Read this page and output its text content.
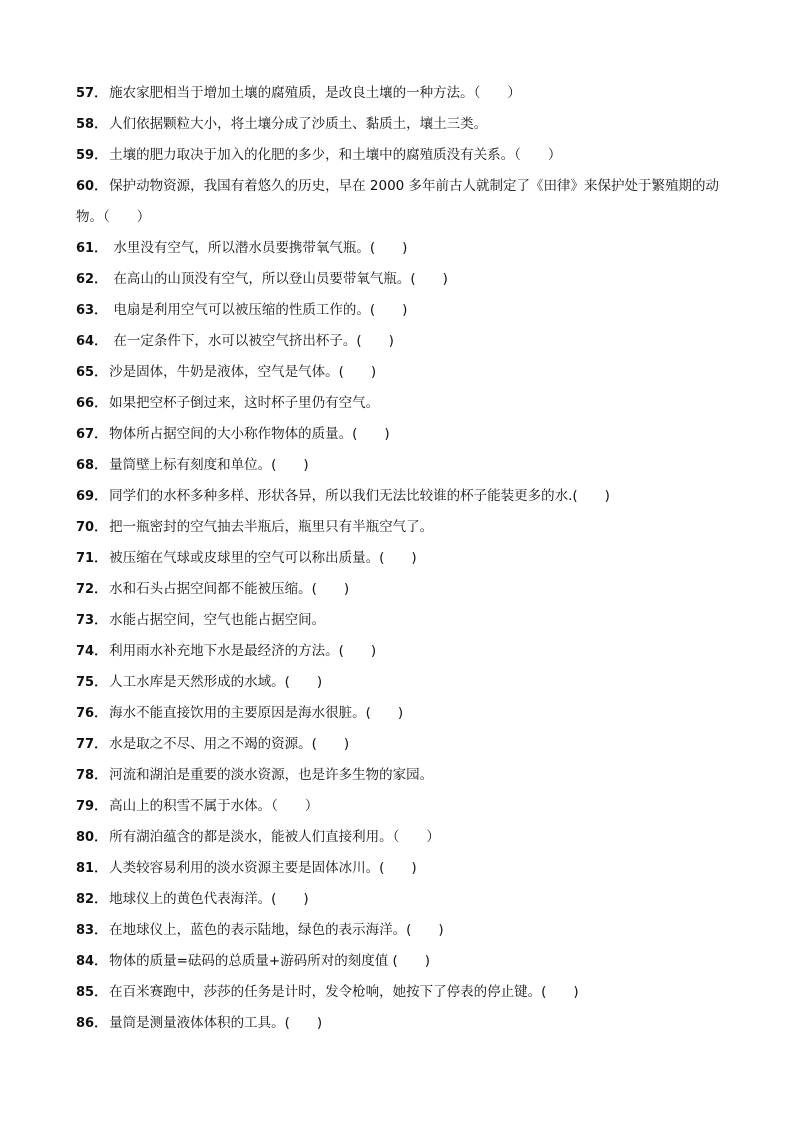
57． 施农家肥相当于增加土壤的腐殖质，是改良土壤的一种方法。（　　）
58． 人们依据颗粒大小，将土壤分成了沙质土、黏质土，壤土三类。
59． 土壤的肥力取决于加入的化肥的多少，和土壤中的腐殖质没有关系。（　　）
60． 保护动物资源，我国有着悠久的历史，早在 2000 多年前古人就制定了《田律》来保护处于繁殖期的动物。（　　）
61． 水里没有空气，所以潜水员要携带氧气瓶。(　　)
62． 在高山的山顶没有空气，所以登山员要带氧气瓶。(　　)
63． 电扇是利用空气可以被压缩的性质工作的。(　　)
64． 在一定条件下，水可以被空气挤出杯子。(　　)
65． 沙是固体，牛奶是液体，空气是气体。(　　)
66． 如果把空杯子倒过来，这时杯子里仍有空气。
67． 物体所占据空间的大小称作物体的质量。(　　)
68． 量筒壁上标有刻度和单位。(　　)
69． 同学们的水杯多种多样、形状各异，所以我们无法比较谁的杯子能装更多的水.(　　)
70． 把一瓶密封的空气抽去半瓶后，瓶里只有半瓶空气了。
71． 被压缩在气球或皮球里的空气可以称出质量。(　　)
72． 水和石头占据空间都不能被压缩。(　　)
73． 水能占据空间，空气也能占据空间。
74． 利用雨水补充地下水是最经济的方法。(　　)
75． 人工水库是天然形成的水域。(　　)
76． 海水不能直接饮用的主要原因是海水很脏。(　　)
77． 水是取之不尽、用之不竭的资源。(　　)
78． 河流和湖泊是重要的淡水资源，也是许多生物的家园。
79． 高山上的积雪不属于水体。（　　）
80． 所有湖泊蕴含的都是淡水，能被人们直接利用。（　　）
81． 人类较容易利用的淡水资源主要是固体冰川。(　　)
82． 地球仪上的黄色代表海洋。(　　)
83． 在地球仪上，蓝色的表示陆地，绿色的表示海洋。(　　)
84． 物体的质量=砝码的总质量+游码所对的刻度值 (　　)
85． 在百米赛跑中，莎莎的任务是计时，发令枪响，她按下了停表的停止键。(　　)
86． 量筒是测量液体体积的工具。(　　)
